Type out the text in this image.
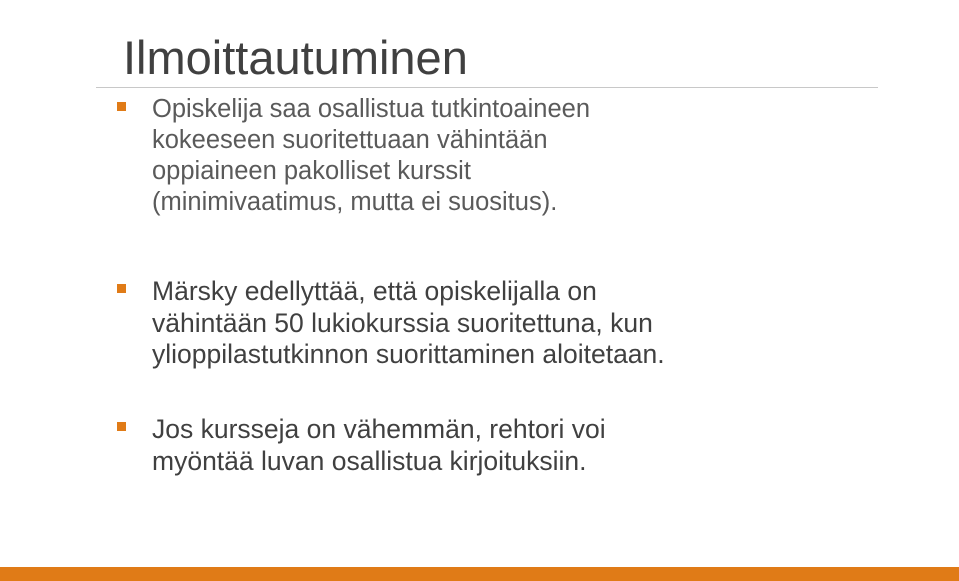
Ilmoittautuminen
Opiskelija saa osallistua tutkintoaineen
kokeeseen suoritettuaan vähintään
oppiaineen pakolliset kurssit
(minimivaatimus, mutta ei suositus).
Märsky edellyttää, että opiskelijalla on
vähintään 50 lukiokurssia suoritettuna, kun
ylioppilastutkinnon suorittaminen aloitetaan.
Jos kursseja on vähemmän, rehtori voi
myöntää luvan osallistua kirjoituksiin.
